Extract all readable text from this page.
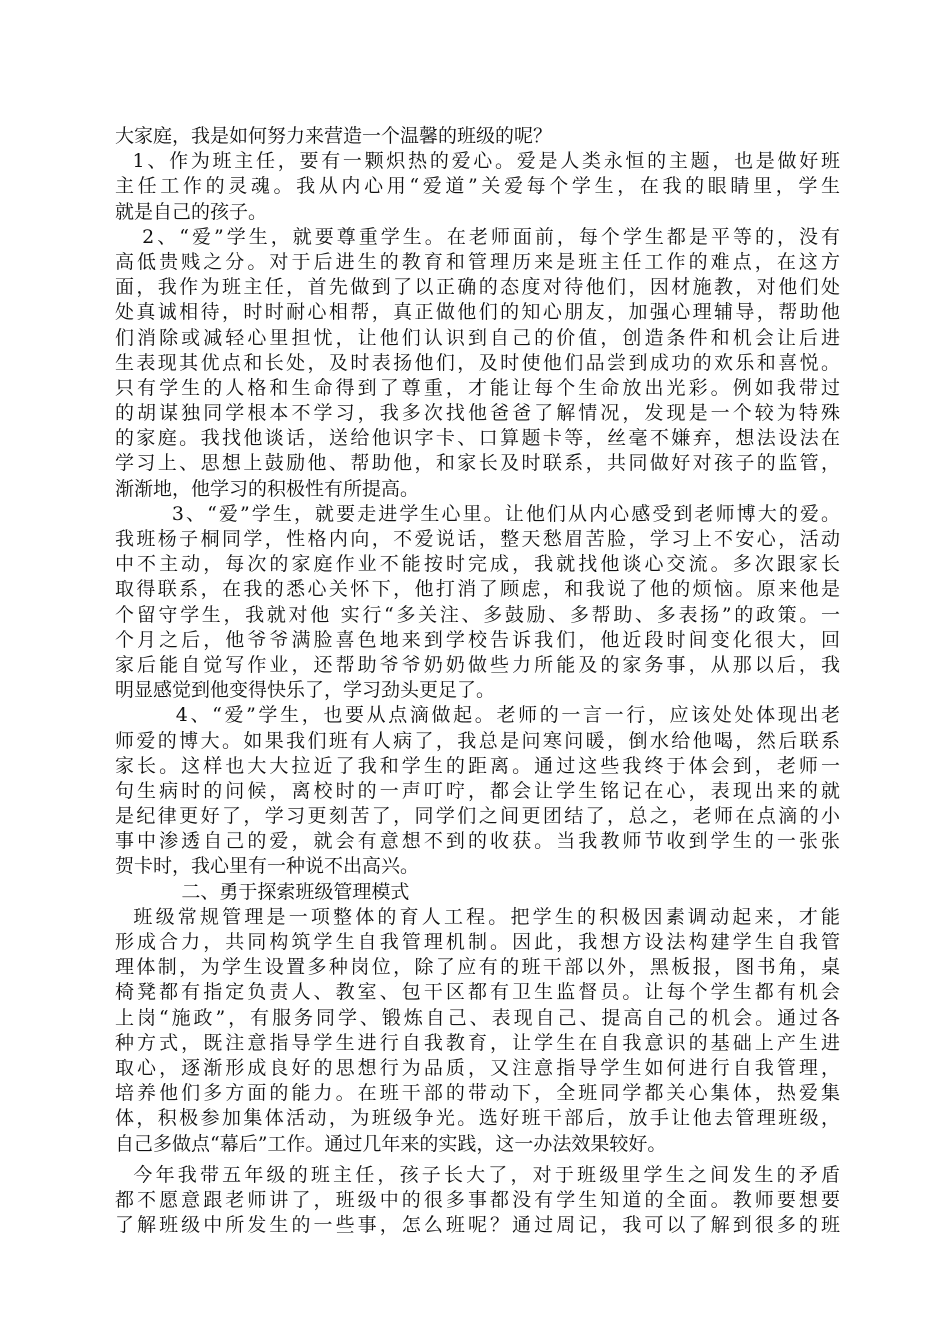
大家庭，我是如何努力来营造一个温馨的班级的呢？
1、作为班主任，要有一颗炽热的爱心。爱是人类永恒的主题，也是做好班
主任工作的灵魂。我从内心用“爱道”关爱每个学生，在我的眼睛里，学生
就是自己的孩子。
2、“爱”学生，就要尊重学生。在老师面前，每个学生都是平等的，没有
高低贵贱之分。对于后进生的教育和管理历来是班主任工作的难点，在这方
面，我作为班主任，首先做到了以正确的态度对待他们，因材施教，对他们处
处真诚相待，时时耐心相帮，真正做他们的知心朋友，加强心理辅导，帮助他
们消除或减轻心里担忧，让他们认识到自己的价值，创造条件和机会让后进
生表现其优点和长处，及时表扬他们，及时使他们品尝到成功的欢乐和喜悦。
只有学生的人格和生命得到了尊重，才能让每个生命放出光彩。例如我带过
的胡谋独同学根本不学习，我多次找他爸爸了解情况，发现是一个较为特殊
的家庭。我找他谈话，送给他识字卡、口算题卡等，丝毫不嫌弃，想法设法在
学习上、思想上鼓励他、帮助他，和家长及时联系，共同做好对孩子的监管，
渐渐地，他学习的积极性有所提高。
3、“爱”学生，就要走进学生心里。让他们从内心感受到老师博大的爱。
我班杨子桐同学，性格内向，不爱说话，整天愁眉苦脸，学习上不安心，活动
中不主动，每次的家庭作业不能按时完成，我就找他谈心交流。多次跟家长
取得联系，在我的悉心关怀下，他打消了顾虑，和我说了他的烦恼。原来他是
个留守学生，我就对他 实行“多关注、多鼓励、多帮助、多表扬”的政策。一
个月之后，他爷爷满脸喜色地来到学校告诉我们，他近段时间变化很大，回
家后能自觉写作业，还帮助爷爷奶奶做些力所能及的家务事，从那以后，我
明显感觉到他变得快乐了，学习劲头更足了。
4、“爱”学生，也要从点滴做起。老师的一言一行，应该处处体现出老
师爱的博大。如果我们班有人病了，我总是问寒问暖，倒水给他喝，然后联系
家长。这样也大大拉近了我和学生的距离。通过这些我终于体会到，老师一
句生病时的问候，离校时的一声叮咛，都会让学生铭记在心，表现出来的就
是纪律更好了，学习更刻苦了，同学们之间更团结了，总之，老师在点滴的小
事中渗透自己的爱，就会有意想不到的收获。当我教师节收到学生的一张张
贺卡时，我心里有一种说不出高兴。
二、勇于探索班级管理模式
班级常规管理是一项整体的育人工程。把学生的积极因素调动起来，才能
形成合力，共同构筑学生自我管理机制。因此，我想方设法构建学生自我管
理体制，为学生设置多种岗位，除了应有的班干部以外，黑板报，图书角，桌
椅凳都有指定负责人、教室、包干区都有卫生监督员。让每个学生都有机会
上岗“施政”，有服务同学、锻炼自己、表现自己、提高自己的机会。通过各
种方式，既注意指导学生进行自我教育，让学生在自我意识的基础上产生进
取心，逐渐形成良好的思想行为品质，又注意指导学生如何进行自我管理，
培养他们多方面的能力。在班干部的带动下，全班同学都关心集体，热爱集
体，积极参加集体活动，为班级争光。选好班干部后，放手让他去管理班级，
自己多做点“幕后”工作。通过几年来的实践，这一办法效果较好。
今年我带五年级的班主任，孩子长大了，对于班级里学生之间发生的矛盾
都不愿意跟老师讲了，班级中的很多事都没有学生知道的全面。教师要想要
了解班级中所发生的一些事，怎么班呢？通过周记，我可以了解到很多的班
